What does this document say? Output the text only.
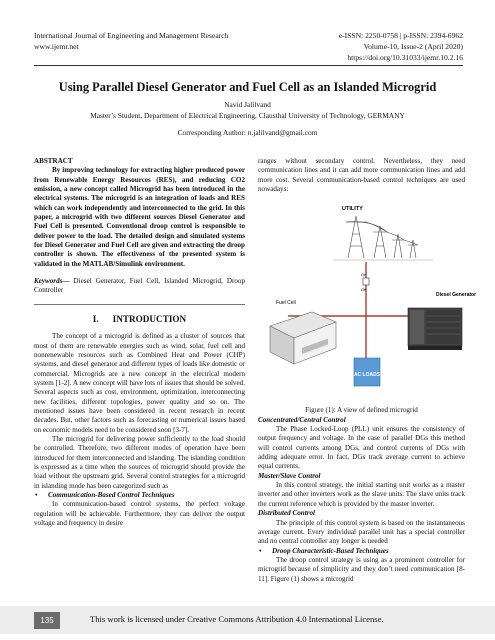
International Journal of Engineering and Management Research
www.ijemr.net
e-ISSN: 2250-0758 | p-ISSN: 2394-6962
Volume-10, Issue-2 (April 2020)
https://doi.org/10.31033/ijemr.10.2.16
Using Parallel Diesel Generator and Fuel Cell as an Islanded Microgrid
Navid Jalilvand
Master’s Student, Department of Electrical Engineering, Clausthal University of Technology, GERMANY
Corresponding Author: n.jalilvand@gmail.com

ABSTRACT

By improving technology for extracting higher produced power from Renewable Energy Resources (RES), and reducing CO2 emission, a new concept called Microgrid has been introduced in the electrical systems. The microgrid is an integration of loads and RES which can work independently and interconnected to the grid. In this paper, a microgrid with two different sources Diesel Generator and Fuel Cell is presented. Conventional droop control is responsible to deliver power to the load. The detailed design and simulated systems for Diesel Generator and Fuel Cell are given and extracting the droop controller is shown. The effectiveness of the presented system is validated in the MATLAB/Simulink environment.

Keywords— Diesel Generator, Fuel Cell, Islanded Microgrid, Droop Controller

I. INTRODUCTION

The concept of a microgrid is defined as a cluster of sources that most of them are renewable energies such as wind, solar, fuel cell and nonrenewable resources such as Combined Heat and Power (CHP) systems, and diesel generator and different types of loads like domestic or commercial. Microgrids are a new concept in the electrical modern system [1-2]. A new concept will have lots of issues that should be solved. Several aspects such as cost, environment, optimization, interconnecting new facilities, different topologies, power quality and so on. The mentioned issues have been considered in recent research in recent decades. But, other factors such as forecasting or numerical issues based on economic models need to be considered soon [3-7].

The microgrid for delivering power sufficiently to the load should be controlled. Therefore, two different modes of operation have been introduced for them interconnected and islanding. The islanding condition is expressed as a time when the sources of microgrid should provide the load without the upstream grid. Several control strategies for a microgrid in islanding mode has been categorized such as

• Communication-Based Control Techniques

In communication-based control systems, the perfect voltage regulation will be achievable. Furthermore, they can deliver the output voltage and frequency in desire

ranges without secondary control. Nevertheless, they need communication lines and it can add more communication lines and add more cost. Several communication-based control techniques are used nowadays:

UTILITY
On
Off
Fuel Cell
Diesel Generator
AC LOADS

Figure (1): A view of defined microgrid

Concentrated/Central Control

The Phase Locked-Loop (PLL) unit ensures the consistency of output frequency and voltage. In the case of parallel DGs this method will control currents among DGs, and control currents of DGs with adding adequate error. In fact, DGs track average current to achieve equal currents.

Master/Slave Control

In this control strategy, the initial starting unit works as a master inverter and other inverters work as the slave units. The slave units track the current reference which is provided by the master inverter.

Distributed Control

The principle of this control system is based on the instantaneous average current. Every individual parallel unit has a special controller and no central controller any longer is needed

• Droop Characteristic-Based Techniques

The droop control strategy is using as a prominent controller for microgrid because of simplicity and they don’t need communication [8-11]. Figure (1) shows a microgrid

135	This work is licensed under Creative Commons Attribution 4.0 International License.
